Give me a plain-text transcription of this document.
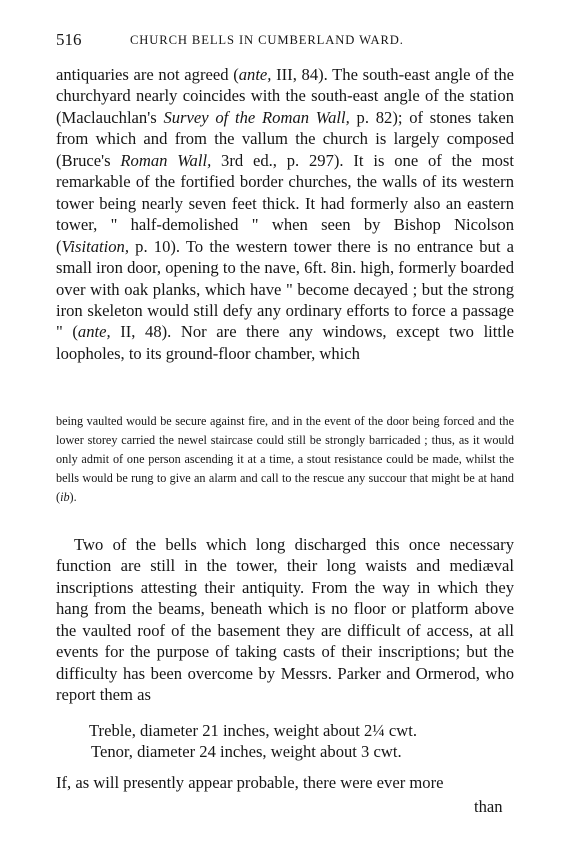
516	CHURCH BELLS IN CUMBERLAND WARD.

antiquaries are not agreed (ante, III, 84). The south-east angle of the churchyard nearly coincides with the south-east angle of the station (Maclauchlan's Survey of the Roman Wall, p. 82); of stones taken from which and from the vallum the church is largely composed (Bruce's Roman Wall, 3rd ed., p. 297). It is one of the most remarkable of the fortified border churches, the walls of its western tower being nearly seven feet thick. It had formerly also an eastern tower, " half-demolished " when seen by Bishop Nicolson (Visitation, p. 10). To the western tower there is no entrance but a small iron door, opening to the nave, 6ft. 8in. high, formerly boarded over with oak planks, which have " become decayed ; but the strong iron skeleton would still defy any ordinary efforts to force a passage " (ante, II, 48). Nor are there any windows, except two little loopholes, to its ground-floor chamber, which

being vaulted would be secure against fire, and in the event of the door being forced and the lower storey carried the newel staircase could still be strongly barricaded ; thus, as it would only admit of one person ascending it at a time, a stout resistance could be made, whilst the bells would be rung to give an alarm and call to the rescue any succour that might be at hand (ib).

Two of the bells which long discharged this once necessary function are still in the tower, their long waists and mediæval inscriptions attesting their antiquity. From the way in which they hang from the beams, beneath which is no floor or platform above the vaulted roof of the basement they are difficult of access, at all events for the purpose of taking casts of their inscriptions; but the difficulty has been overcome by Messrs. Parker and Ormerod, who report them as

Treble, diameter 21 inches, weight about 2¼ cwt.
Tenor, diameter 24 inches, weight about 3 cwt.

If, as will presently appear probable, there were ever more

than
